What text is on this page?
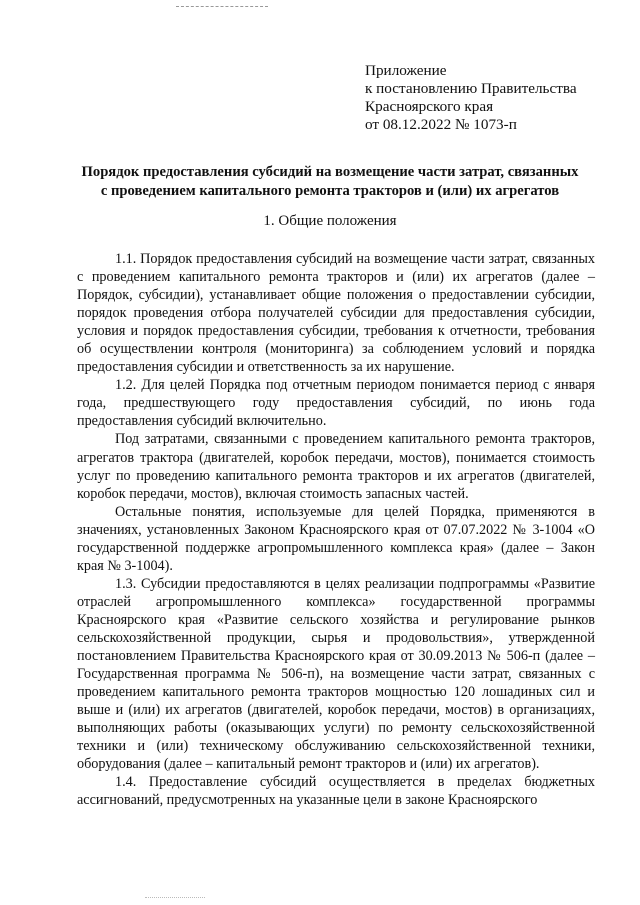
Приложение
к постановлению Правительства
Красноярского края
от 08.12.2022 № 1073-п
Порядок предоставления субсидий на возмещение части затрат, связанных
с проведением капитального ремонта тракторов и (или) их агрегатов
1. Общие положения

1.1. Порядок предоставления субсидий на возмещение части затрат, связанных с проведением капитального ремонта тракторов и (или) их агрегатов (далее – Порядок, субсидии), устанавливает общие положения о предоставлении субсидии, порядок проведения отбора получателей субсидии для предоставления субсидии, условия и порядок предоставления субсидии, требования к отчетности, требования об осуществлении контроля (мониторинга) за соблюдением условий и порядка предоставления субсидии и ответственность за их нарушение.

1.2. Для целей Порядка под отчетным периодом понимается период с января года, предшествующего году предоставления субсидий, по июнь года предоставления субсидий включительно.

Под затратами, связанными с проведением капитального ремонта тракторов, агрегатов трактора (двигателей, коробок передачи, мостов), понимается стоимость услуг по проведению капитального ремонта тракторов и их агрегатов (двигателей, коробок передачи, мостов), включая стоимость запасных частей.

Остальные понятия, используемые для целей Порядка, применяются в значениях, установленных Законом Красноярского края от 07.07.2022 № 3-1004 «О государственной поддержке агропромышленного комплекса края» (далее – Закон края № 3-1004).

1.3. Субсидии предоставляются в целях реализации подпрограммы «Развитие отраслей агропромышленного комплекса» государственной программы Красноярского края «Развитие сельского хозяйства и регулирование рынков сельскохозяйственной продукции, сырья и продовольствия», утвержденной постановлением Правительства Красноярского края от 30.09.2013 № 506-п (далее – Государственная программа № 506-п), на возмещение части затрат, связанных с проведением капитального ремонта тракторов мощностью 120 лошадиных сил и выше и (или) их агрегатов (двигателей, коробок передачи, мостов) в организациях, выполняющих работы (оказывающих услуги) по ремонту сельскохозяйственной техники и (или) техническому обслуживанию сельскохозяйственной техники, оборудования (далее – капитальный ремонт тракторов и (или) их агрегатов).

1.4. Предоставление субсидий осуществляется в пределах бюджетных ассигнований, предусмотренных на указанные цели в законе Красноярского
